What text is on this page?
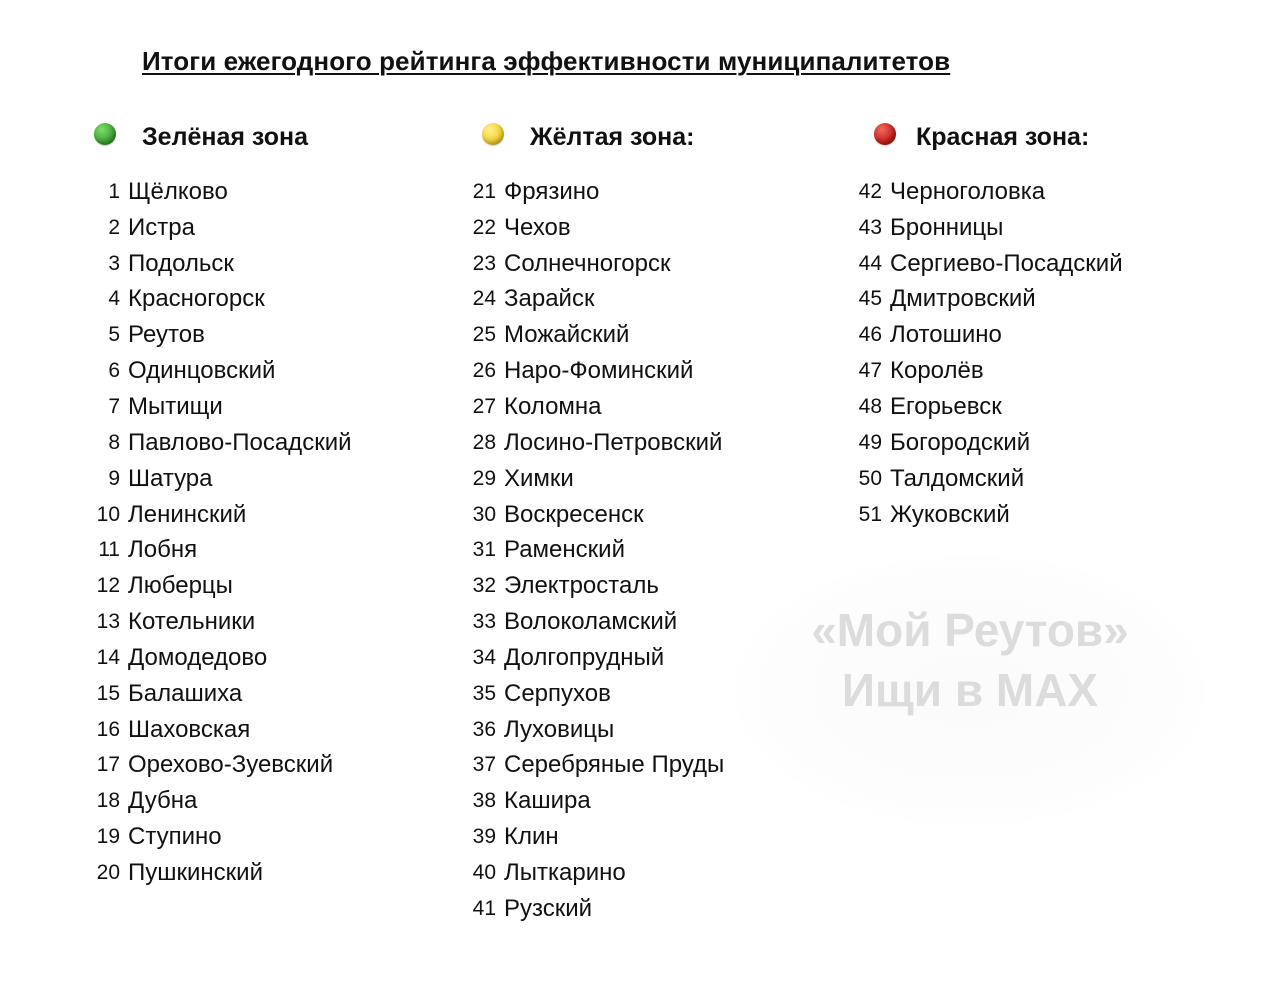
Итоги ежегодного рейтинга эффективности муниципалитетов
Зелёная зона
1 Щёлково
2 Истра
3 Подольск
4 Красногорск
5 Реутов
6 Одинцовский
7 Мытищи
8 Павлово-Посадский
9 Шатура
10 Ленинский
11 Лобня
12 Люберцы
13 Котельники
14 Домодедово
15 Балашиха
16 Шаховская
17 Орехово-Зуевский
18 Дубна
19 Ступино
20 Пушкинский
Жёлтая зона:
21 Фрязино
22 Чехов
23 Солнечногорск
24 Зарайск
25 Можайский
26 Наро-Фоминский
27 Коломна
28 Лосино-Петровский
29 Химки
30 Воскресенск
31 Раменский
32 Электросталь
33 Волоколамский
34 Долгопрудный
35 Серпухов
36 Луховицы
37 Серебряные Пруды
38 Кашира
39 Клин
40 Лыткарино
41 Рузский
Красная зона:
42 Черноголовка
43 Бронницы
44 Сергиево-Посадский
45 Дмитровский
46 Лотошино
47 Королёв
48 Егорьевск
49 Богородский
50 Талдомский
51 Жуковский
«Мой Реутов»
Ищи в MAX
